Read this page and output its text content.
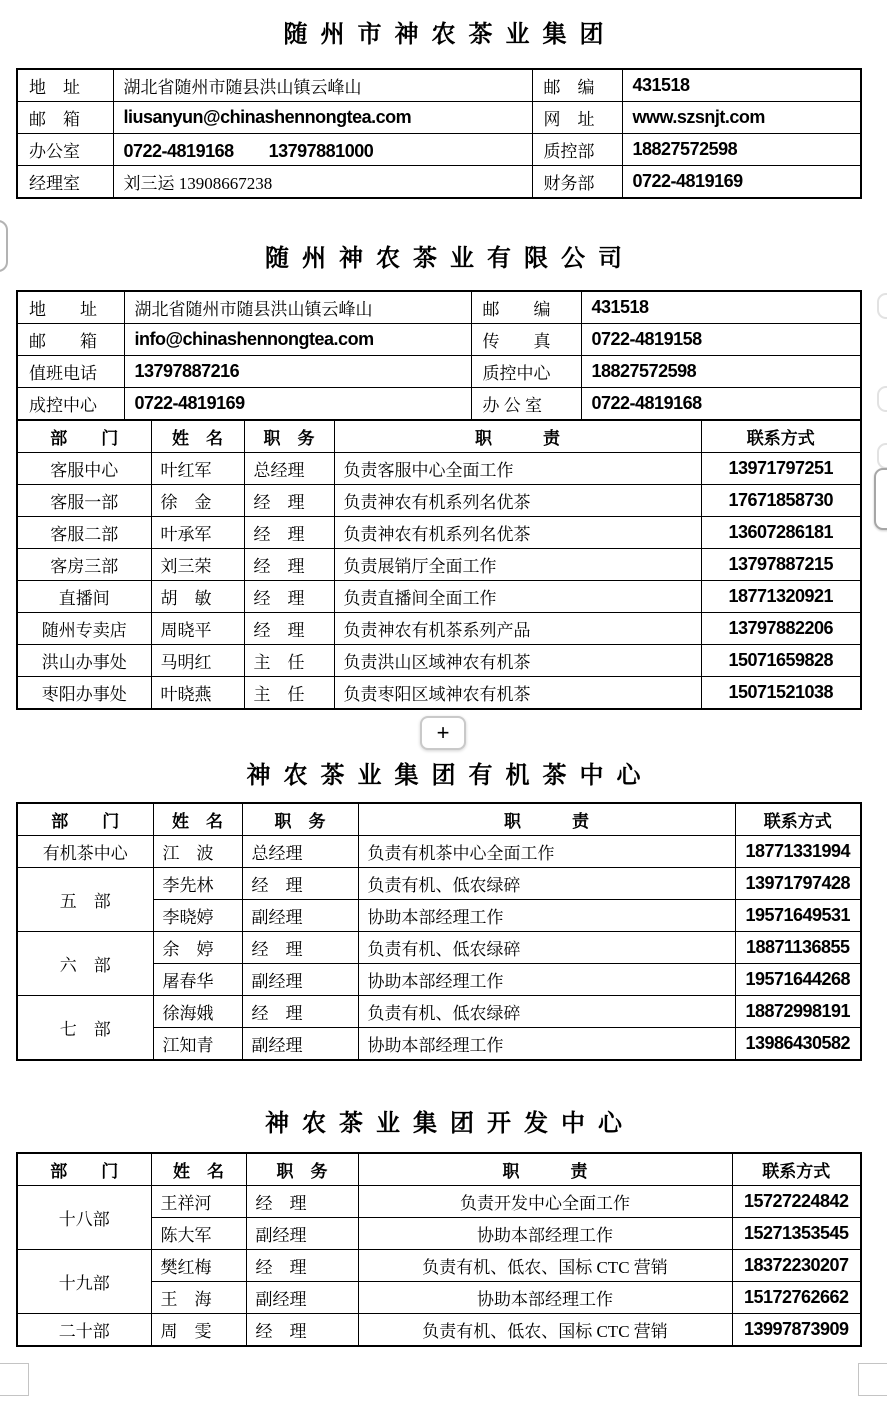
随州市神农茶业集团
地　址	湖北省随州市随县洪山镇云峰山	邮　编	431518
邮　箱	liusanyun@chinashennongtea.com	网　址	www.szsnjt.com
办公室	0722-4819168　　13797881000	质控部	18827572598
经理室	刘三运 13908667238	财务部	0722-4819169
随州神农茶业有限公司
地　　址	湖北省随州市随县洪山镇云峰山	邮　　编	431518
邮　　箱	info@chinashennongtea.com	传　　真	0722-4819158
值班电话	13797887216	质控中心	18827572598
成控中心	0722-4819169	办 公 室	0722-4819168
部　　门	姓　名	职　务	职　　　责	联系方式
客服中心	叶红军	总经理	负责客服中心全面工作	13971797251
客服一部	徐　金	经　理	负责神农有机系列名优茶	17671858730
客服二部	叶承军	经　理	负责神农有机系列名优茶	13607286181
客房三部	刘三荣	经　理	负责展销厅全面工作	13797887215
直播间	胡　敏	经　理	负责直播间全面工作	18771320921
随州专卖店	周晓平	经　理	负责神农有机茶系列产品	13797882206
洪山办事处	马明红	主　任	负责洪山区域神农有机茶	15071659828
枣阳办事处	叶晓燕	主　任	负责枣阳区域神农有机茶	15071521038
+
神农茶业集团有机茶中心
部　　门	姓　名	职　务	职　　　责	联系方式
有机茶中心	江　波	总经理	负责有机茶中心全面工作	18771331994
五　部	李先林	经　理	负责有机、低农绿碎	13971797428
	李晓婷	副经理	协助本部经理工作	19571649531
六　部	余　婷	经　理	负责有机、低农绿碎	18871136855
	屠春华	副经理	协助本部经理工作	19571644268
七　部	徐海娥	经　理	负责有机、低农绿碎	18872998191
	江知青	副经理	协助本部经理工作	13986430582
神农茶业集团开发中心
部　　门	姓　名	职　务	职　　　责	联系方式
十八部	王祥河	经　理	负责开发中心全面工作	15727224842
	陈大军	副经理	协助本部经理工作	15271353545
十九部	樊红梅	经　理	负责有机、低农、国标 CTC 营销	18372230207
	王　海	副经理	协助本部经理工作	15172762662
二十部	周　雯	经　理	负责有机、低农、国标 CTC 营销	13997873909
